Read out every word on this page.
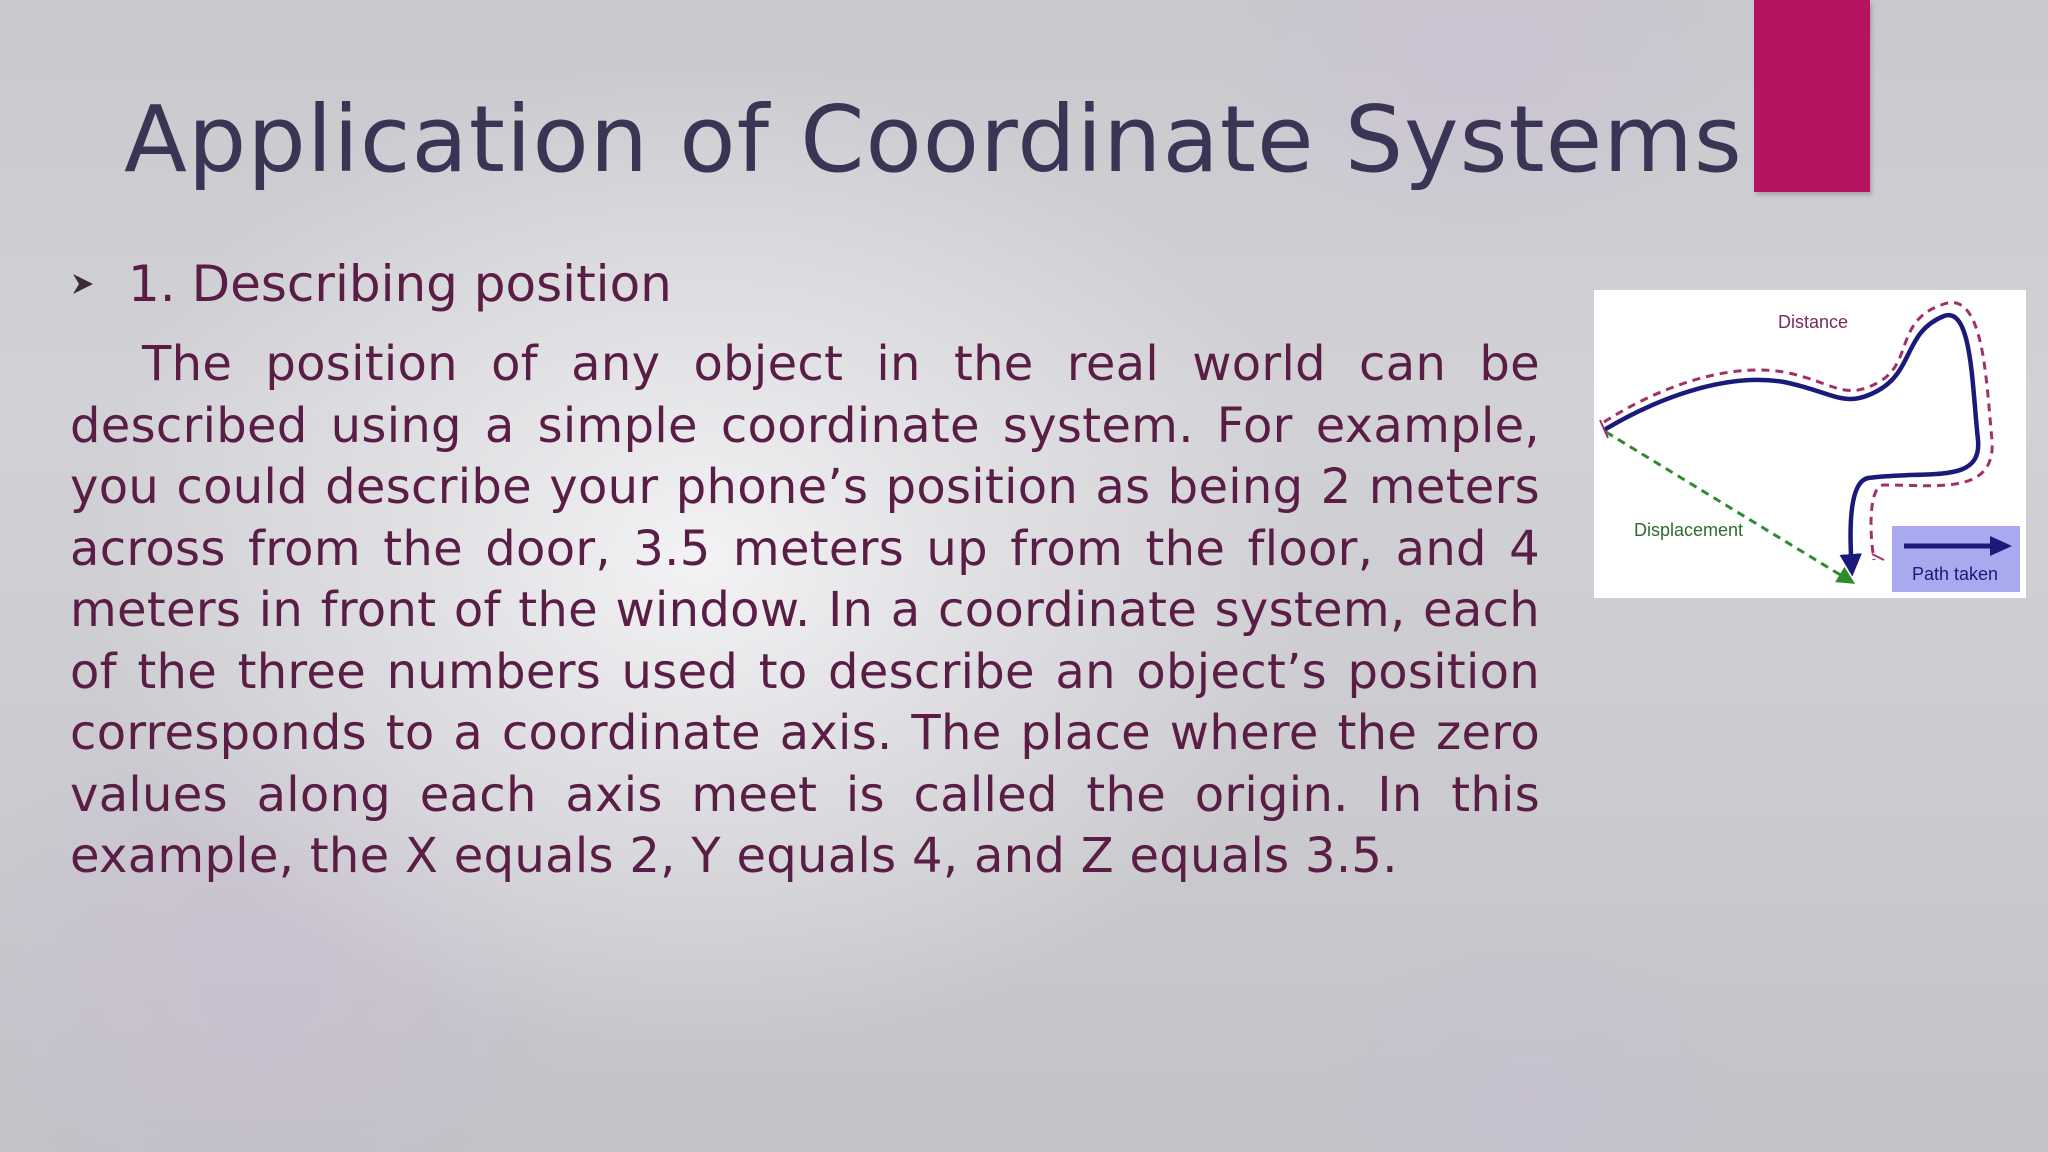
Application of Coordinate Systems
1. Describing position

The position of any object in the real world can be described using a simple coordinate system. For example, you could describe your phone’s position as being 2 meters across from the door, 3.5 meters up from the floor, and 4 meters in front of the window. In a coordinate system, each of the three numbers used to describe an object’s position corresponds to a coordinate axis. The place where the zero values along each axis meet is called the origin. In this example, the X equals 2, Y equals 4, and Z equals 3.5.

Distance
Displacement
Path taken
